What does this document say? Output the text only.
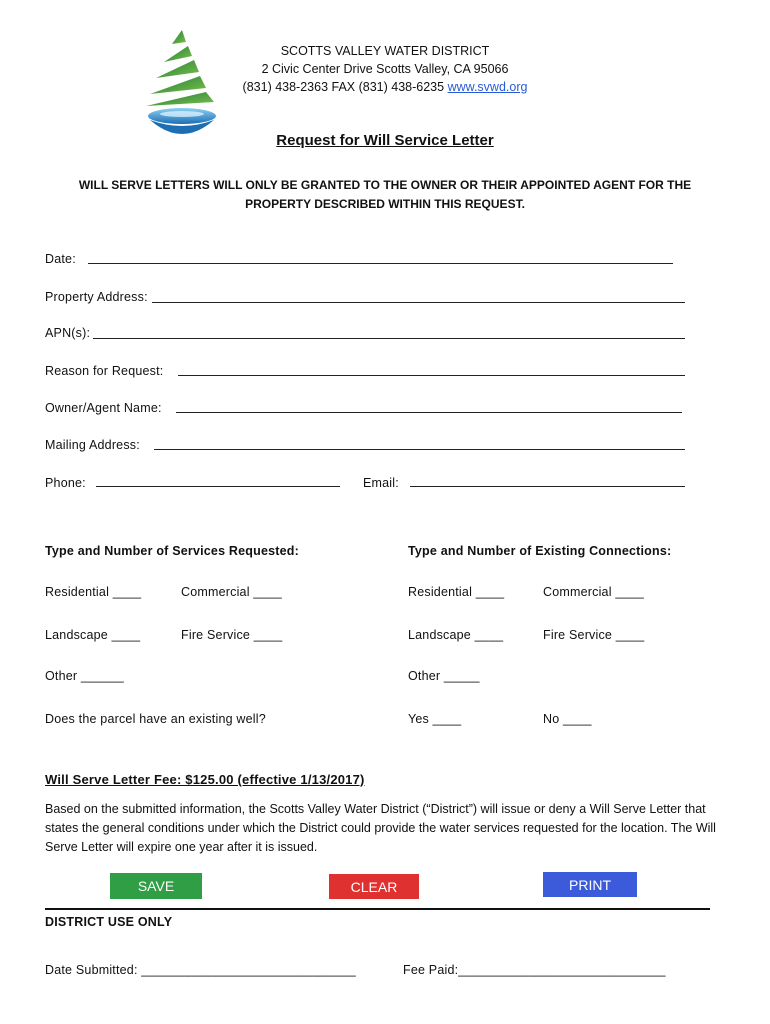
SCOTTS VALLEY WATER DISTRICT
2 Civic Center Drive Scotts Valley, CA 95066
(831) 438-2363 FAX (831) 438-6235 www.svwd.org
Request for Will Service Letter
WILL SERVE LETTERS WILL ONLY BE GRANTED TO THE OWNER OR THEIR APPOINTED AGENT FOR THE PROPERTY DESCRIBED WITHIN THIS REQUEST.
Date:
Property Address:
APN(s):
Reason for Request:
Owner/Agent Name:
Mailing Address:
Phone:	Email:
Type and Number of Services Requested:	Type and Number of Existing Connections:
Residential ____	Commercial ____	Residential ____	Commercial ____
Landscape ____	Fire Service ____	Landscape ____	Fire Service ____
Other ______	Other _____
Does the parcel have an existing well?	Yes ____	No ____
Will Serve Letter Fee: $125.00 (effective 1/13/2017)
Based on the submitted information, the Scotts Valley Water District (“District”) will issue or deny a Will Serve Letter that states the general conditions under which the District could provide the water services requested for the location. The Will Serve Letter will expire one year after it is issued.
SAVE	CLEAR	PRINT
DISTRICT USE ONLY
Date Submitted: ______________________________	Fee Paid:_____________________________
